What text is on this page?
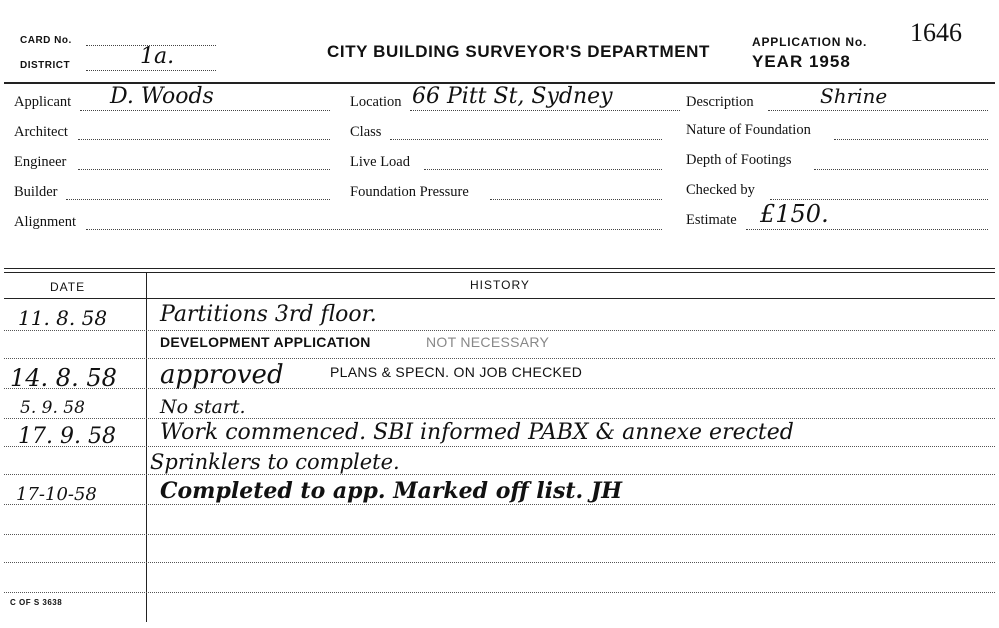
CARD No.
DISTRICT	1a.	CITY BUILDING SURVEYOR'S DEPARTMENT	APPLICATION No. 1646
YEAR 1958
Applicant D. Woods
Architect
Engineer
Builder
Alignment
Location 66 Pitt St, Sydney
Class
Live Load
Foundation Pressure
Description	Shrine
Nature of Foundation
Depth of Footings
Checked by
Estimate £150.
DATE	HISTORY
11. 8. 58 Partitions 3rd floor.
DEVELOPMENT APPLICATION	NOT NECESSARY
14. 8. 58 approved	PLANS & SPECN. ON JOB CHECKED
5. 9. 58	No start.
17. 9. 58 Work commenced. SBI informed PABX & annexe erected
Sprinklers to complete.
17-10-58	Completed to app. Marked off list. JH
C OF S 3638
